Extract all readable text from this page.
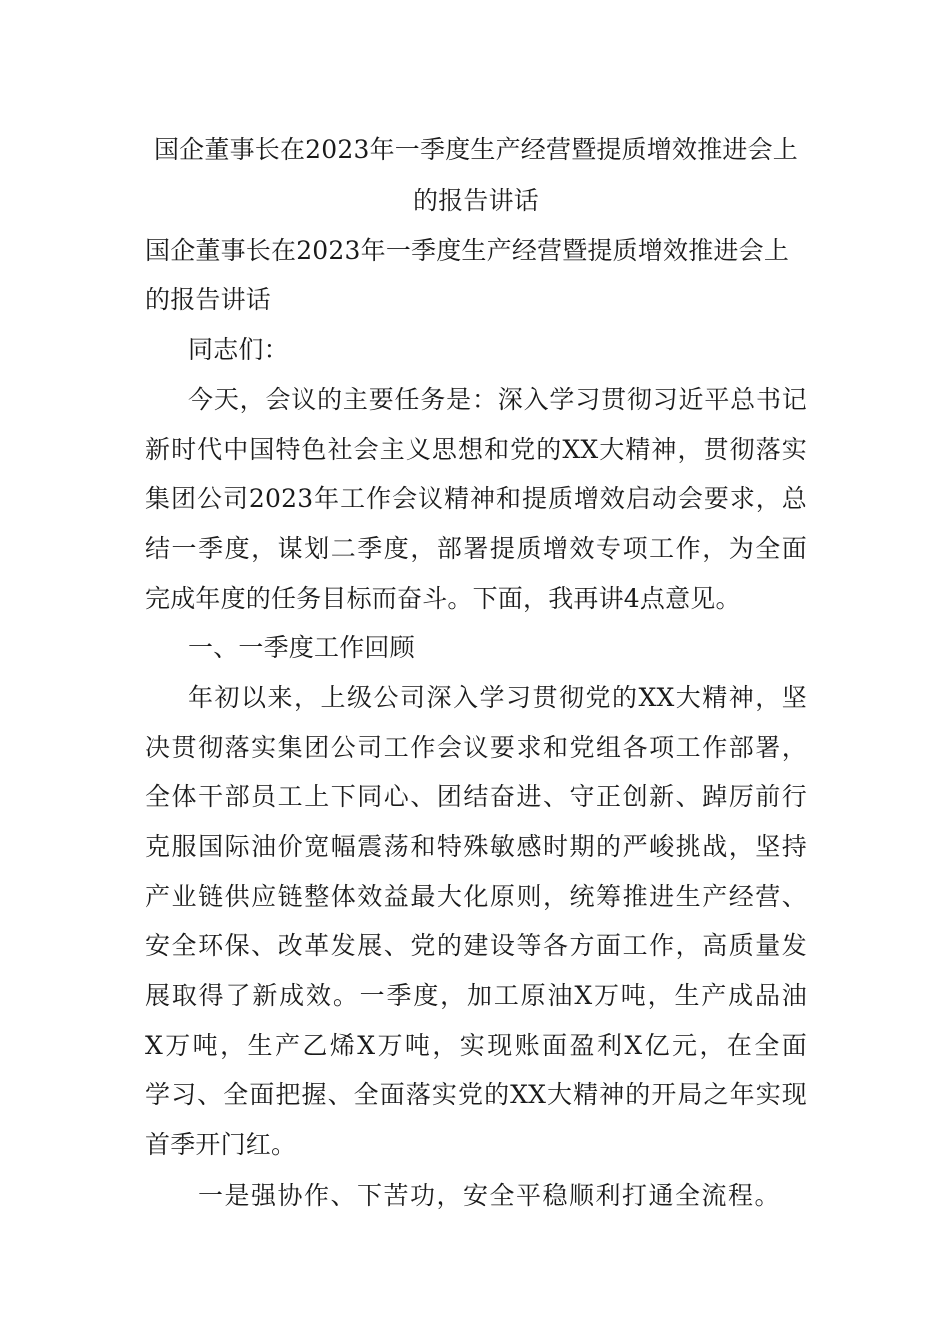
国企董事长在2023年一季度生产经营暨提质增效推进会上
的报告讲话
国企董事长在2023年一季度生产经营暨提质增效推进会上
的报告讲话
同志们：
今天，会议的主要任务是：深入学习贯彻习近平总书记
新时代中国特色社会主义思想和党的XX大精神，贯彻落实
集团公司2023年工作会议精神和提质增效启动会要求，总
结一季度，谋划二季度，部署提质增效专项工作，为全面
完成年度的任务目标而奋斗。下面，我再讲4点意见。
一、一季度工作回顾
年初以来，上级公司深入学习贯彻党的XX大精神，坚
决贯彻落实集团公司工作会议要求和党组各项工作部署，
全体干部员工上下同心、团结奋进、守正创新、踔厉前行
克服国际油价宽幅震荡和特殊敏感时期的严峻挑战，坚持
产业链供应链整体效益最大化原则，统筹推进生产经营、
安全环保、改革发展、党的建设等各方面工作，高质量发
展取得了新成效。一季度，加工原油X万吨，生产成品油
X万吨，生产乙烯X万吨，实现账面盈利X亿元，在全面
学习、全面把握、全面落实党的XX大精神的开局之年实现
首季开门红。
一是强协作、下苦功，安全平稳顺利打通全流程。
